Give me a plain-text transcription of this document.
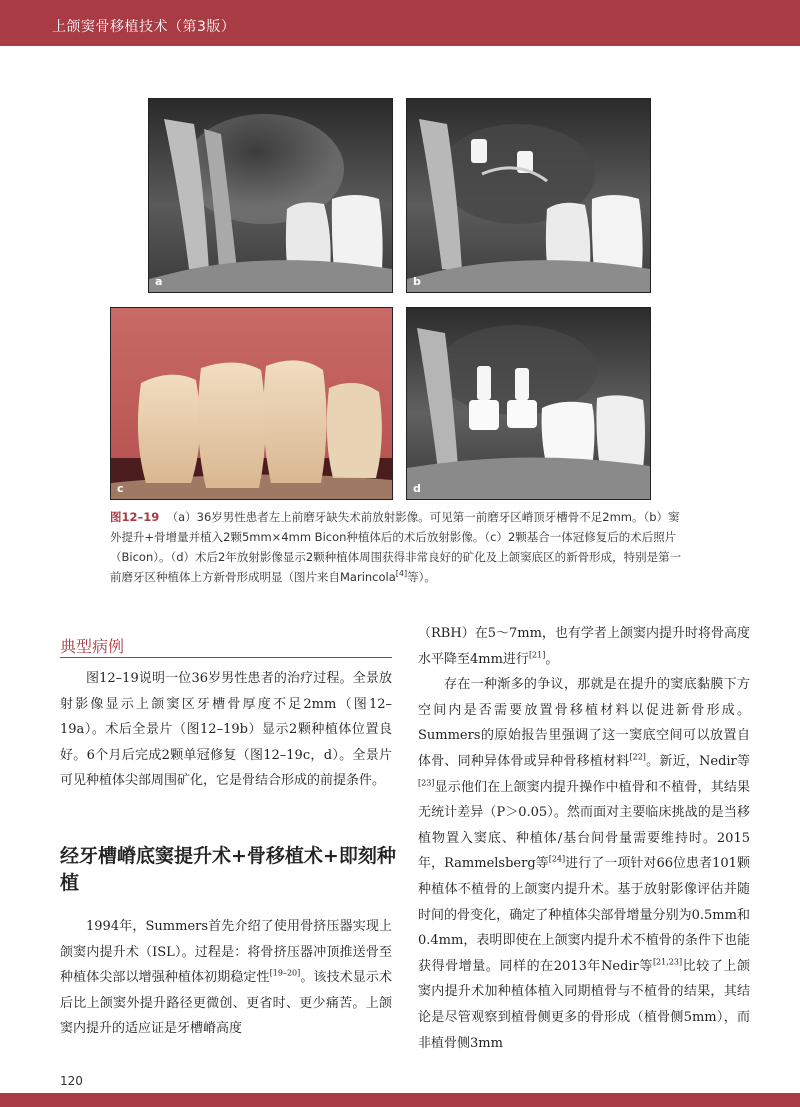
上颌窦骨移植技术（第3版）
a	b
c	d
图12–19 （a）36岁男性患者左上前磨牙缺失术前放射影像。可见第一前磨牙区嵴顶牙槽骨不足2mm。（b）窦外提升+骨增量并植入2颗5mm×4mm Bicon种植体后的术后放射影像。（c）2颗基合一体冠修复后的术后照片（Bicon）。（d）术后2年放射影像显示2颗种植体周围获得非常良好的矿化及上颌窦底区的新骨形成，特别是第一前磨牙区种植体上方新骨形成明显（图片来自Marincola[4]等）。
典型病例

图12–19说明一位36岁男性患者的治疗过程。全景放射影像显示上颌窦区牙槽骨厚度不足2mm（图12–19a）。术后全景片（图12–19b）显示2颗种植体位置良好。6个月后完成2颗单冠修复（图12–19c，d）。全景片可见种植体尖部周围矿化，它是骨结合形成的前提条件。

经牙槽嵴底窦提升术+骨移植术+即刻种植

1994年，Summers首先介绍了使用骨挤压器实现上颌窦内提升术（ISL）。过程是：将骨挤压器冲顶推送骨至种植体尖部以增强种植体初期稳定性[19–20]。该技术显示术后比上颌窦外提升路径更微创、更省时、更少痛苦。上颌窦内提升的适应证是牙槽嵴高度

（RBH）在5～7mm，也有学者上颌窦内提升时将骨高度水平降至4mm进行[21]。

存在一种渐多的争议，那就是在提升的窦底黏膜下方空间内是否需要放置骨移植材料以促进新骨形成。Summers的原始报告里强调了这一窦底空间可以放置自体骨、同种异体骨或异种骨移植材料[22]。新近，Nedir等[23]显示他们在上颌窦内提升操作中植骨和不植骨，其结果无统计差异（P＞0.05）。然而面对主要临床挑战的是当移植物置入窦底、种植体/基台间骨量需要维持时。2015年，Rammelsberg等[24]进行了一项针对66位患者101颗种植体不植骨的上颌窦内提升术。基于放射影像评估并随时间的骨变化，确定了种植体尖部骨增量分别为0.5mm和0.4mm，表明即使在上颌窦内提升术不植骨的条件下也能获得骨增量。同样的在2013年Nedir等[21,23]比较了上颌窦内提升术加种植体植入同期植骨与不植骨的结果，其结论是尽管观察到植骨侧更多的骨形成（植骨侧5mm），而非植骨侧3mm

120
